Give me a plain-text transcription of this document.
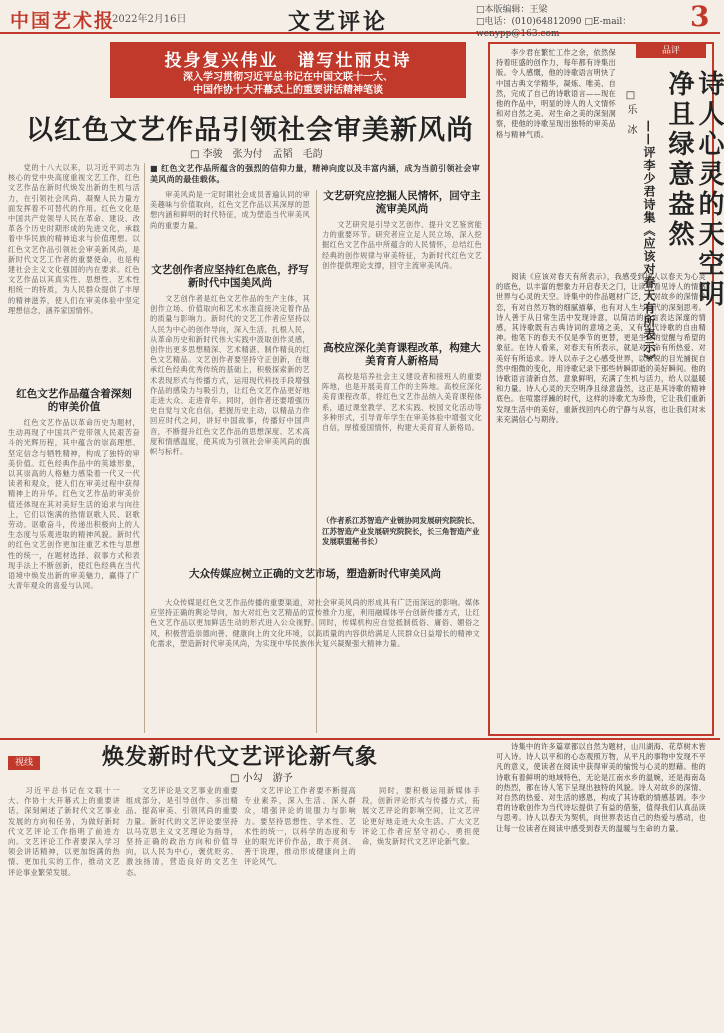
中国艺术报
2022年2月16日	文艺评论	□本版编辑：王梁
□电话：(010)64812090 □E-mail：wenypp@163.com
3
投身复兴伟业　谱写壮丽史诗
深入学习贯彻习近平总书记在中国文联十一大、
中国作协十大开幕式上的重要讲话精神笔谈
以红色文艺作品引领社会审美新风尚
□ 李骏　张为付　孟韬　毛韵
■ 红色文艺作品所蕴含的强烈的信仰力量，精神向度以及丰富内涵，成为当前引领社会审美风尚的最佳载体。
　　党的十八大以来，以习近平同志为核心的党中央高度重视文艺工作，红色文艺作品在新时代焕发出新的生机与活力，在引领社会风尚、凝聚人民力量方面发挥着不可替代的作用。红色文化是中国共产党领导人民在革命、建设、改革各个历史时期形成的先进文化，承载着中华民族的精神追求与价值理想。以红色文艺作品引领社会审美新风尚，是新时代文艺工作者的重要使命，也是构建社会主义文化强国的内在要求。红色文艺作品以其真实性、思想性、艺术性相统一的特质，为人民群众提供了丰厚的精神滋养，使人们在审美体验中坚定理想信念，涵养家国情怀。
红色文艺作品蕴含着深刻的审美价值
　　红色文艺作品以革命历史为题材，生动再现了中国共产党带领人民艰苦奋斗的光辉历程，其中蕴含的崇高理想、坚定信念与牺牲精神，构成了独特的审美价值。红色经典作品中的英雄形象，以其崇高的人格魅力感染着一代又一代读者和观众，使人们在审美过程中获得精神上的升华。红色文艺作品的审美价值还体现在其对美好生活的追求与向往上，它们以饱满的热情讴歌人民、讴歌劳动、讴歌奋斗，传递出积极向上的人生态度与乐观进取的精神风貌。新时代的红色文艺创作更加注重艺术性与思想性的统一，在题材选择、叙事方式和表现手法上不断创新，使红色经典在当代语境中焕发出新的审美魅力，赢得了广大青年观众的喜爱与认同。
　　审美风尚是一定时期社会成员普遍认同的审美趣味与价值取向，红色文艺作品以其深厚的思想内涵和鲜明的时代特征，成为塑造当代审美风尚的重要力量。
文艺创作者应坚持红色底色，抒写新时代中国美风尚
　　文艺创作者是红色文艺作品的生产主体，其创作立场、价值取向和艺术水准直接决定着作品的质量与影响力。新时代的文艺工作者应坚持以人民为中心的创作导向，深入生活、扎根人民，从革命历史和新时代伟大实践中汲取创作灵感，创作出更多思想精深、艺术精湛、制作精良的红色文艺精品。文艺创作者要坚持守正创新，在继承红色经典优秀传统的基础上，积极探索新的艺术表现形式与传播方式，运用现代科技手段增强作品的感染力与吸引力，让红色文艺作品更好地走进大众、走进青年。同时，创作者还要增强历史自觉与文化自信，把握历史主动，以精品力作回应时代之问，讲好中国故事，传播好中国声音，不断提升红色文艺作品的思想深度、艺术高度和情感温度，使其成为引领社会审美风尚的旗帜与标杆。
文艺研究应挖掘人民情怀，回守主流审美风尚
　　文艺研究是引导文艺创作、提升文艺鉴赏能力的重要环节。研究者应立足人民立场，深入挖掘红色文艺作品中所蕴含的人民情怀，总结红色经典的创作规律与审美特征，为新时代红色文艺创作提供理论支撑，回守主流审美风尚。
高校应深化美育课程改革，构建大美育育人新格局
　　高校是培养社会主义建设者和接班人的重要阵地，也是开展美育工作的主阵地。高校应深化美育课程改革，将红色文艺作品纳入美育课程体系，通过课堂教学、艺术实践、校园文化活动等多种形式，引导青年学生在审美体验中增强文化自信，厚植爱国情怀，构建大美育育人新格局。
（作者系江苏智造产业链协同发展研究院院长、江苏智造产业发展研究院院长，长三角智造产业发展联盟秘书长）
大众传媒应树立正确的文艺市场，塑造新时代审美风尚
　　大众传媒是红色文艺作品传播的重要渠道，对社会审美风尚的形成具有广泛而深远的影响。媒体应坚持正确的舆论导向，加大对红色文艺精品的宣传推介力度，利用融媒体平台创新传播方式，让红色文艺作品以更加鲜活生动的形式进入公众视野。同时，传媒机构应自觉抵制低俗、庸俗、媚俗之风，积极营造崇德向善、健康向上的文化环境，以高质量的内容供给满足人民群众日益增长的精神文化需求，塑造新时代审美风尚，为实现中华民族伟大复兴凝聚强大精神力量。
品评
诗人心灵的天空明净且绿意盎然
——评李少君诗集《应该对春天有所表示》
□ 乐　冰
　　李少君在繁忙工作之余，依然保持着旺盛的创作力，每年都有诗集出版。令人感慨，他的诗歌语言明快了中国古典文学精华，凝炼、唯美、自然，完成了自己的诗歌语言——现在他的作品中，明显的诗人的人文情怀和对自然之美、对生命之美的深刻洞察，使他的诗歌呈现出独特的审美品格与精神气质。
　　阅读《应该对春天有所表示》，我感受到诗人以春天为心灵的底色，以丰富的想象力开启春天之门，让读者看见诗人的情感世界与心灵的天空。诗集中的作品题材广泛，有对故乡的深情眷恋，有对自然万物的细腻描摹，也有对人生与时代的深刻思考。诗人善于从日常生活中发现诗意，以简洁的语言表达深邃的情感，其诗歌既有古典诗词的意境之美，又有现代诗歌的自由精神。他笔下的春天不仅是季节的更替，更是生命的觉醒与希望的象征。在诗人看来，对春天有所表示，就是对生命有所热爱、对美好有所追求。诗人以赤子之心感受世界，以敏锐的目光捕捉自然中细微的变化，用诗歌记录下那些转瞬即逝的美好瞬间。他的诗歌语言清新自然、意象鲜明，充满了生机与活力，给人以温暖和力量。诗人心灵的天空明净且绿意盎然，这正是其诗歌的精神底色。在喧嚣浮躁的时代，这样的诗歌尤为珍贵，它让我们重新发现生活中的美好，重新找回内心的宁静与从容，也让我们对未来充满信心与期待。
视线	焕发新时代文艺评论新气象
□ 小勾　游予
　　习近平总书记在文联十一大、作协十大开幕式上的重要讲话，深刻阐述了新时代文艺事业发展的方向和任务，为做好新时代文艺评论工作指明了前进方向。文艺评论工作者要深入学习领会讲话精神，以更加饱满的热情、更加扎实的工作，推动文艺评论事业繁荣发展。
　　文艺评论是文艺事业的重要组成部分，是引导创作、多出精品、提高审美、引领风尚的重要力量。新时代的文艺评论要坚持以马克思主义文艺理论为指导，坚持正确的政治方向和价值导向，以人民为中心，褒优贬劣、激浊扬清，营造良好的文艺生态。
　　文艺评论工作者要不断提高专业素养，深入生活、深入群众，增强评论的说服力与影响力。要坚持思想性、学术性、艺术性的统一，以科学的态度和专业的眼光评价作品，敢于亮剑、善于说理，推动形成健康向上的评论风气。
　　同时，要积极运用新媒体手段，创新评论形式与传播方式，拓展文艺评论的影响空间，让文艺评论更好地走进大众生活。广大文艺评论工作者应坚守初心、勇担使命，焕发新时代文艺评论新气象。
　　诗集中的许多篇章都以自然为题材，山川湖海、花草树木皆可入诗。诗人以平和的心态观照万物，从平凡的事物中发现不平凡的意义，使读者在阅读中获得审美的愉悦与心灵的慰藉。他的诗歌有着鲜明的地域特色，无论是江南水乡的温婉，还是海南岛的热烈，都在诗人笔下呈现出独特的风貌。诗人对故乡的深情、对自然的热爱、对生活的感恩，构成了其诗歌的情感基调。李少君的诗歌创作为当代诗坛提供了有益的借鉴，值得我们认真品读与思考。诗人以春天为契机，向世界表达自己的热爱与感动，也让每一位读者在阅读中感受到春天的温暖与生命的力量。
